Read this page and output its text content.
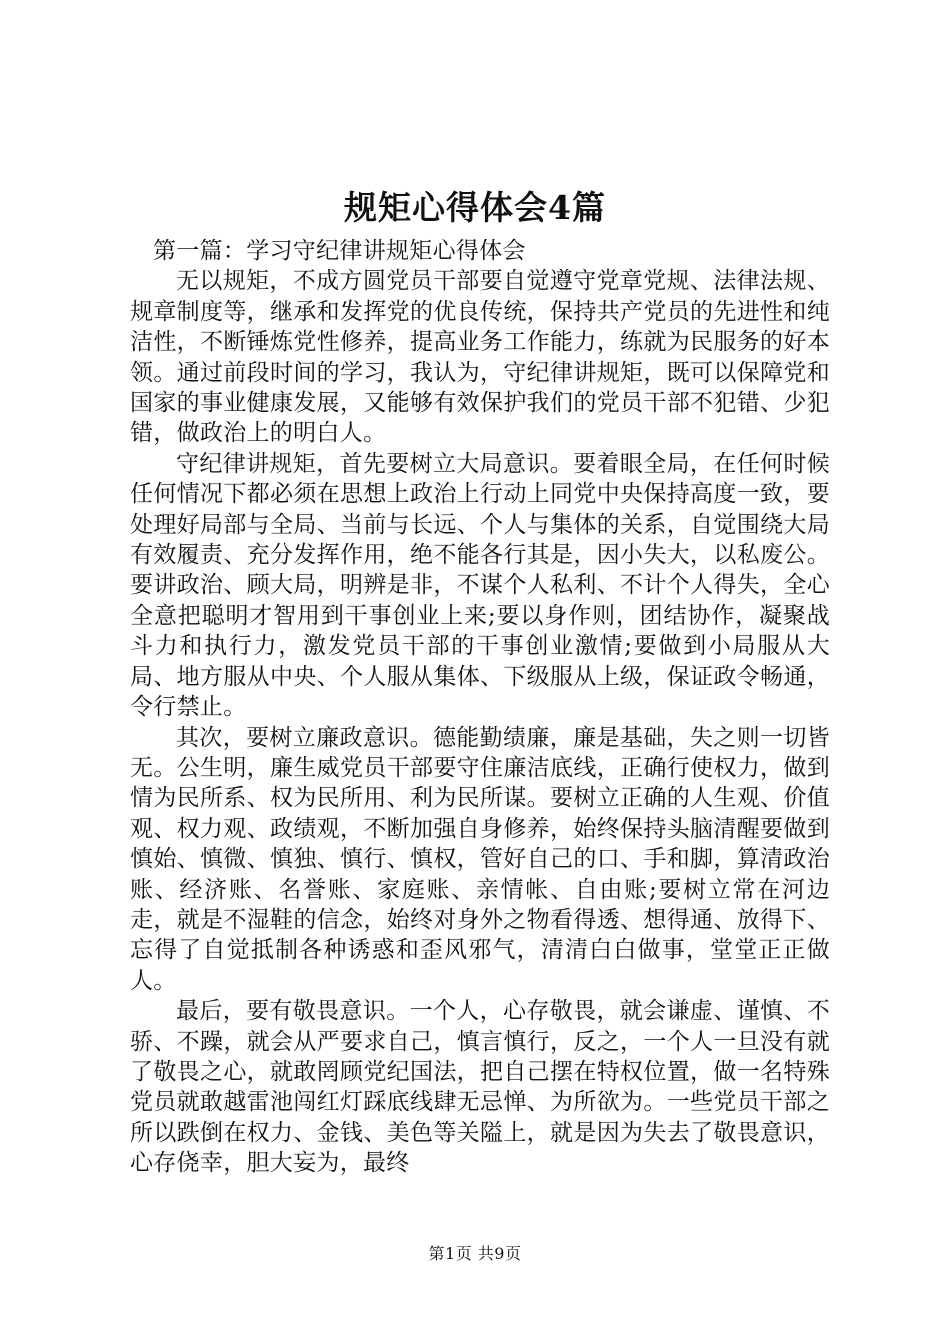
规矩心得体会4篇

第一篇：学习守纪律讲规矩心得体会

无以规矩，不成方圆党员干部要自觉遵守党章党规、法律法规、规章制度等，继承和发挥党的优良传统，保持共产党员的先进性和纯洁性，不断锤炼党性修养，提高业务工作能力，练就为民服务的好本领。通过前段时间的学习，我认为，守纪律讲规矩，既可以保障党和国家的事业健康发展，又能够有效保护我们的党员干部不犯错、少犯错，做政治上的明白人。

守纪律讲规矩，首先要树立大局意识。要着眼全局，在任何时候任何情况下都必须在思想上政治上行动上同党中央保持高度一致，要处理好局部与全局、当前与长远、个人与集体的关系，自觉围绕大局有效履责、充分发挥作用，绝不能各行其是，因小失大，以私废公。要讲政治、顾大局，明辨是非，不谋个人私利、不计个人得失，全心全意把聪明才智用到干事创业上来;要以身作则，团结协作，凝聚战斗力和执行力，激发党员干部的干事创业激情;要做到小局服从大局、地方服从中央、个人服从集体、下级服从上级，保证政令畅通，令行禁止。

其次，要树立廉政意识。德能勤绩廉，廉是基础，失之则一切皆无。公生明，廉生威党员干部要守住廉洁底线，正确行使权力，做到情为民所系、权为民所用、利为民所谋。要树立正确的人生观、价值观、权力观、政绩观，不断加强自身修养，始终保持头脑清醒要做到慎始、慎微、慎独、慎行、慎权，管好自己的口、手和脚，算清政治账、经济账、名誉账、家庭账、亲情帐、自由账;要树立常在河边走，就是不湿鞋的信念，始终对身外之物看得透、想得通、放得下、忘得了自觉抵制各种诱惑和歪风邪气，清清白白做事，堂堂正正做人。

最后，要有敬畏意识。一个人，心存敬畏，就会谦虚、谨慎、不骄、不躁，就会从严要求自己，慎言慎行，反之，一个人一旦没有就了敬畏之心，就敢罔顾党纪国法，把自己摆在特权位置，做一名特殊党员就敢越雷池闯红灯踩底线肆无忌惮、为所欲为。一些党员干部之所以跌倒在权力、金钱、美色等关隘上，就是因为失去了敬畏意识，心存侥幸，胆大妄为，最终

第1页 共9页
